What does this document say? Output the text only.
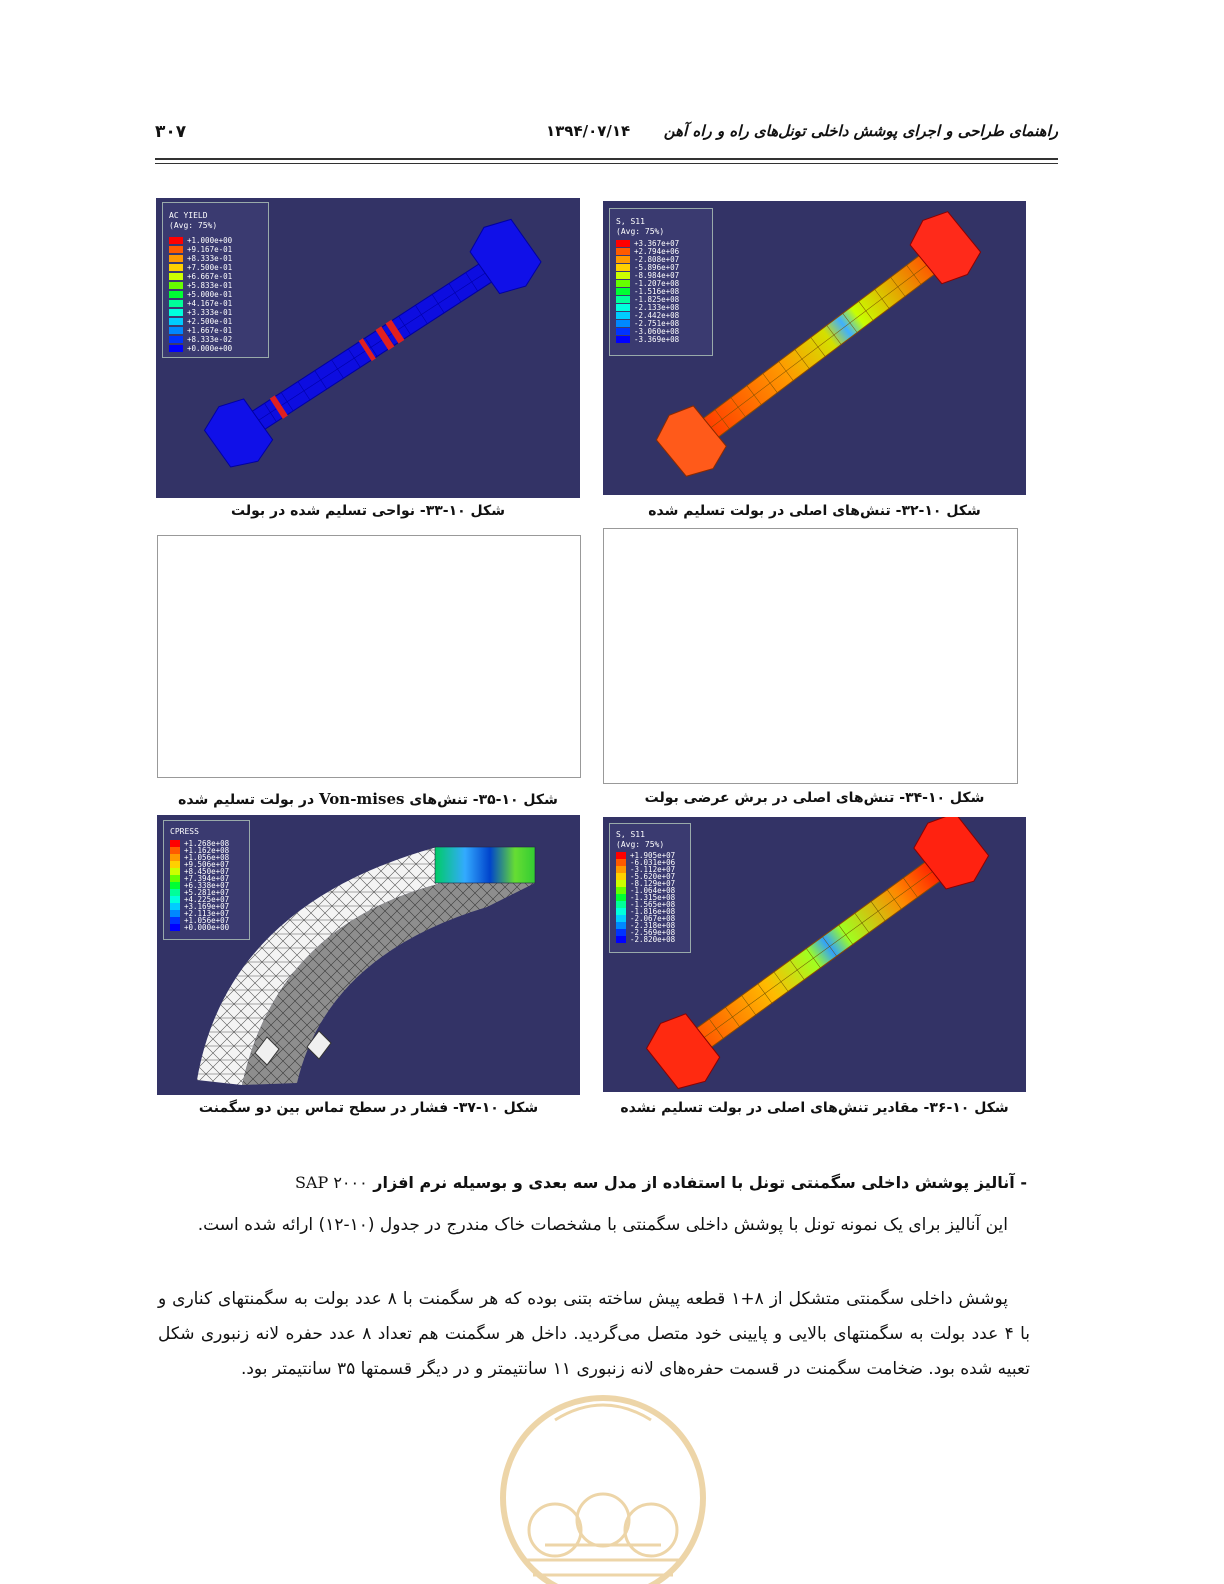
راهنمای طراحی و اجرای پوشش داخلی تونل‌های راه و راه آهن
۱۳۹۴/۰۷/۱۴
۳۰۷
AC YIELD
(Avg: 75%)
+1.000e+00
+9.167e-01
+8.333e-01
+7.500e-01
+6.667e-01
+5.833e-01
+5.000e-01
+4.167e-01
+3.333e-01
+2.500e-01
+1.667e-01
+8.333e-02
+0.000e+00
شکل ۱۰-۳۳- نواحی تسلیم شده در بولت
S, S11
(Avg: 75%)
+3.367e+07
+2.794e+06
-2.808e+07
-5.896e+07
-8.984e+07
-1.207e+08
-1.516e+08
-1.825e+08
-2.133e+08
-2.442e+08
-2.751e+08
-3.060e+08
-3.369e+08
شکل ۱۰-۳۲- تنش‌های اصلی در بولت تسلیم شده
شکل ۱۰-۳۵- تنش‌های Von-mises در بولت تسلیم شده	شکل ۱۰-۳۴- تنش‌های اصلی در برش عرضی بولت
CPRESS
+1.268e+08
+1.162e+08
+1.056e+08
+9.506e+07
+8.450e+07
+7.394e+07
+6.338e+07
+5.281e+07
+4.225e+07
+3.169e+07
+2.113e+07
+1.056e+07
+0.000e+00
شکل ۱۰-۳۷- فشار در سطح تماس بین دو سگمنت
S, S11
(Avg: 75%)
+1.905e+07
-6.031e+06
-3.112e+07
-5.620e+07
-8.129e+07
-1.064e+08
-1.315e+08
-1.565e+08
-1.816e+08
-2.067e+08
-2.318e+08
-2.569e+08
-2.820e+08
شکل ۱۰-۳۶- مقادیر تنش‌های اصلی در بولت تسلیم نشده
- آنالیز پوشش داخلی سگمنتی تونل با استفاده از مدل سه بعدی و بوسیله نرم افزار SAP ۲۰۰۰

این آنالیز برای یک نمونه تونل با پوشش داخلی سگمنتی با مشخصات خاک مندرج در جدول (۱۰-۱۲) ارائه شده است.

پوشش داخلی سگمنتی متشکل از ۸+۱ قطعه پیش ساخته بتنی بوده که هر سگمنت با ۸ عدد بولت به سگمنتهای کناری و با ۴ عدد بولت به سگمنتهای بالایی و پایینی خود متصل می‌گردید. داخل هر سگمنت هم تعداد ۸ عدد حفره لانه زنبوری شکل تعبیه شده بود. ضخامت سگمنت در قسمت حفره‌های لانه زنبوری ۱۱ سانتیمتر و در دیگر قسمتها ۳۵ سانتیمتر بود.
